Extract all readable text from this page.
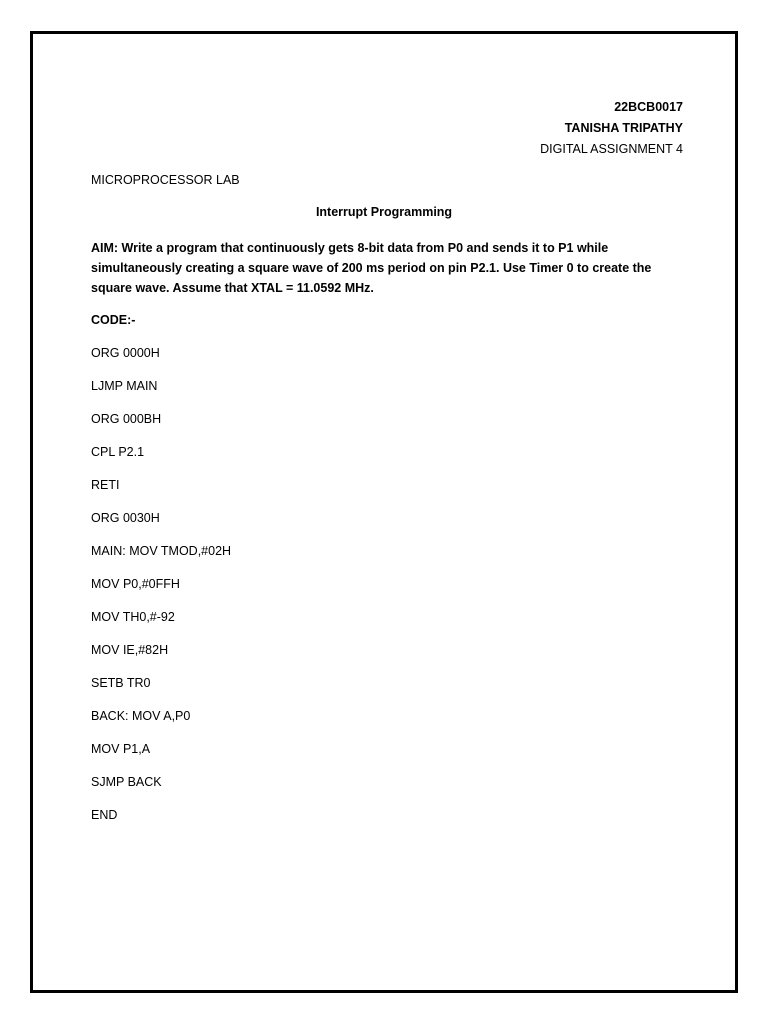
22BCB0017
TANISHA TRIPATHY
DIGITAL ASSIGNMENT 4
MICROPROCESSOR LAB
Interrupt Programming
AIM: Write a program that continuously gets 8-bit data from P0 and sends it to P1 while simultaneously creating a square wave of 200 ms period on pin P2.1. Use Timer 0 to create the square wave. Assume that XTAL = 11.0592 MHz.
CODE:-
ORG 0000H
LJMP MAIN
ORG 000BH
CPL P2.1
RETI
ORG 0030H
MAIN: MOV TMOD,#02H
MOV P0,#0FFH
MOV TH0,#-92
MOV IE,#82H
SETB TR0
BACK: MOV A,P0
MOV P1,A
SJMP BACK
END
